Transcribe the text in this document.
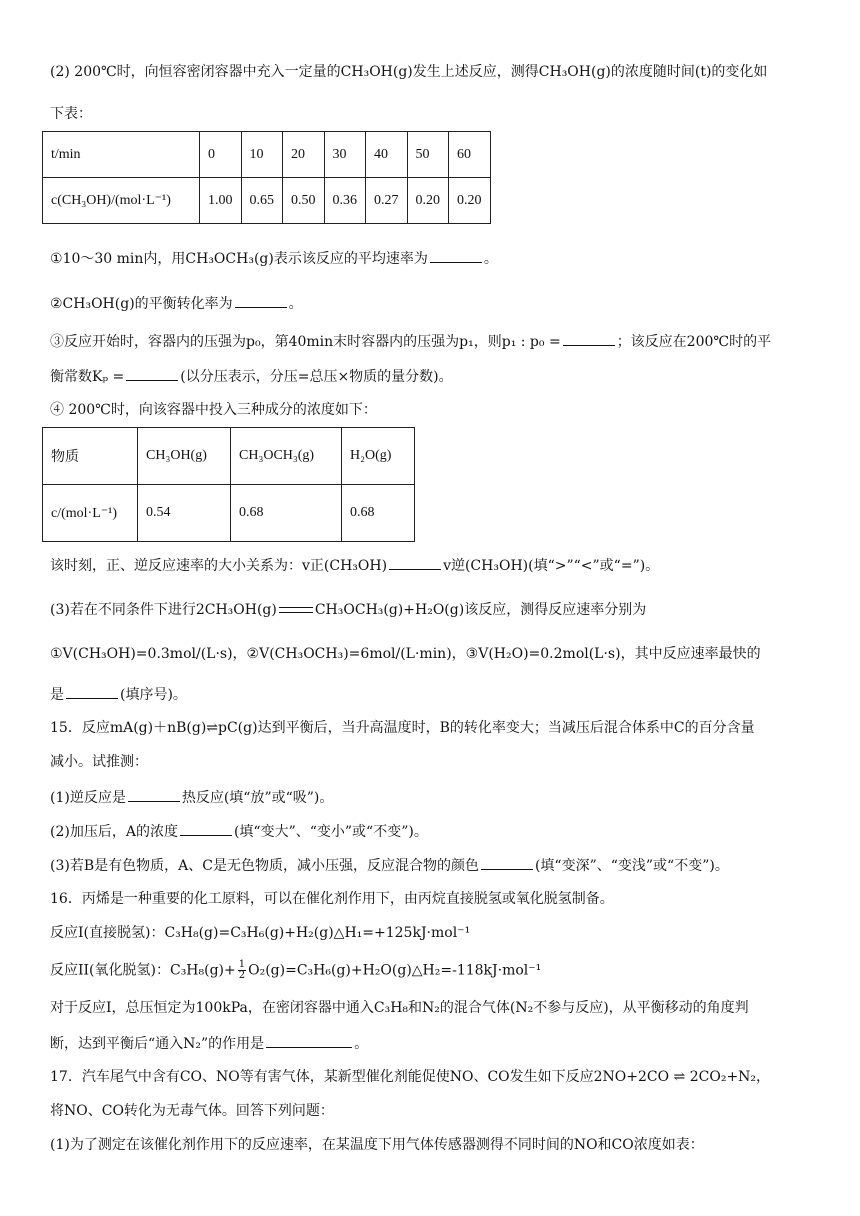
(2) 200℃时，向恒容密闭容器中充入一定量的CH₃OH(g)发生上述反应，测得CH₃OH(g)的浓度随时间(t)的变化如
下表：
t/min	0	10	20	30	40	50	60
c(CH₃OH)/(mol·L⁻¹)	1.00	0.65	0.50	0.36	0.27	0.20	0.20
①10～30 min内，用CH₃OCH₃(g)表示该反应的平均速率为	。
②CH₃OH(g)的平衡转化率为	。
③反应开始时，容器内的压强为p₀，第40min末时容器内的压强为p₁，则p₁ : p₀ =	；该反应在200℃时的平
衡常数Kₚ =	(以分压表示，分压=总压×物质的量分数)。
④ 200℃时，向该容器中投入三种成分的浓度如下：
物质	CH₃OH(g)	CH₃OCH₃(g)	H₂O(g)
c/(mol·L⁻¹)	0.54	0.68	0.68
该时刻，正、逆反应速率的大小关系为：v正(CH₃OH)	v逆(CH₃OH)(填“>”“<”或“=”)。
(3)若在不同条件下进行2CH₃OH(g)	CH₃OCH₃(g)+H₂O(g)该反应，测得反应速率分别为
①V(CH₃OH)=0.3mol/(L·s)，②V(CH₃OCH₃)=6mol/(L·min)，③V(H₂O)=0.2mol(L·s)，其中反应速率最快的
是	(填序号)。
15．反应mA(g)＋nB(g)⇌pC(g)达到平衡后，当升高温度时，B的转化率变大；当减压后混合体系中C的百分含量
减小。试推测：
(1)逆反应是	热反应(填“放”或“吸”)。
(2)加压后，A的浓度	(填“变大”、“变小”或“不变”)。
(3)若B是有色物质，A、C是无色物质，减小压强，反应混合物的颜色	(填“变深”、“变浅”或“不变”)。
16．丙烯是一种重要的化工原料，可以在催化剂作用下，由丙烷直接脱氢或氧化脱氢制备。
反应I(直接脱氢)：C₃H₈(g)=C₃H₆(g)+H₂(g)△H₁=+125kJ·mol⁻¹
反应II(氧化脱氢)：$C_3H_8(g)+ \frac{1}{2}$ O₂(g)=C₃H₆(g)+H₂O(g)△H₂=-118kJ·mol⁻¹
对于反应I，总压恒定为100kPa，在密闭容器中通入C₃H₈和N₂的混合气体(N₂不参与反应)，从平衡移动的角度判
断，达到平衡后“通入N₂”的作用是	。
17．汽车尾气中含有CO、NO等有害气体，某新型催化剂能促使NO、CO发生如下反应2NO+2CO ⇌ 2CO₂+N₂，
将NO、CO转化为无毒气体。回答下列问题：
(1)为了测定在该催化剂作用下的反应速率，在某温度下用气体传感器测得不同时间的NO和CO浓度如表：
